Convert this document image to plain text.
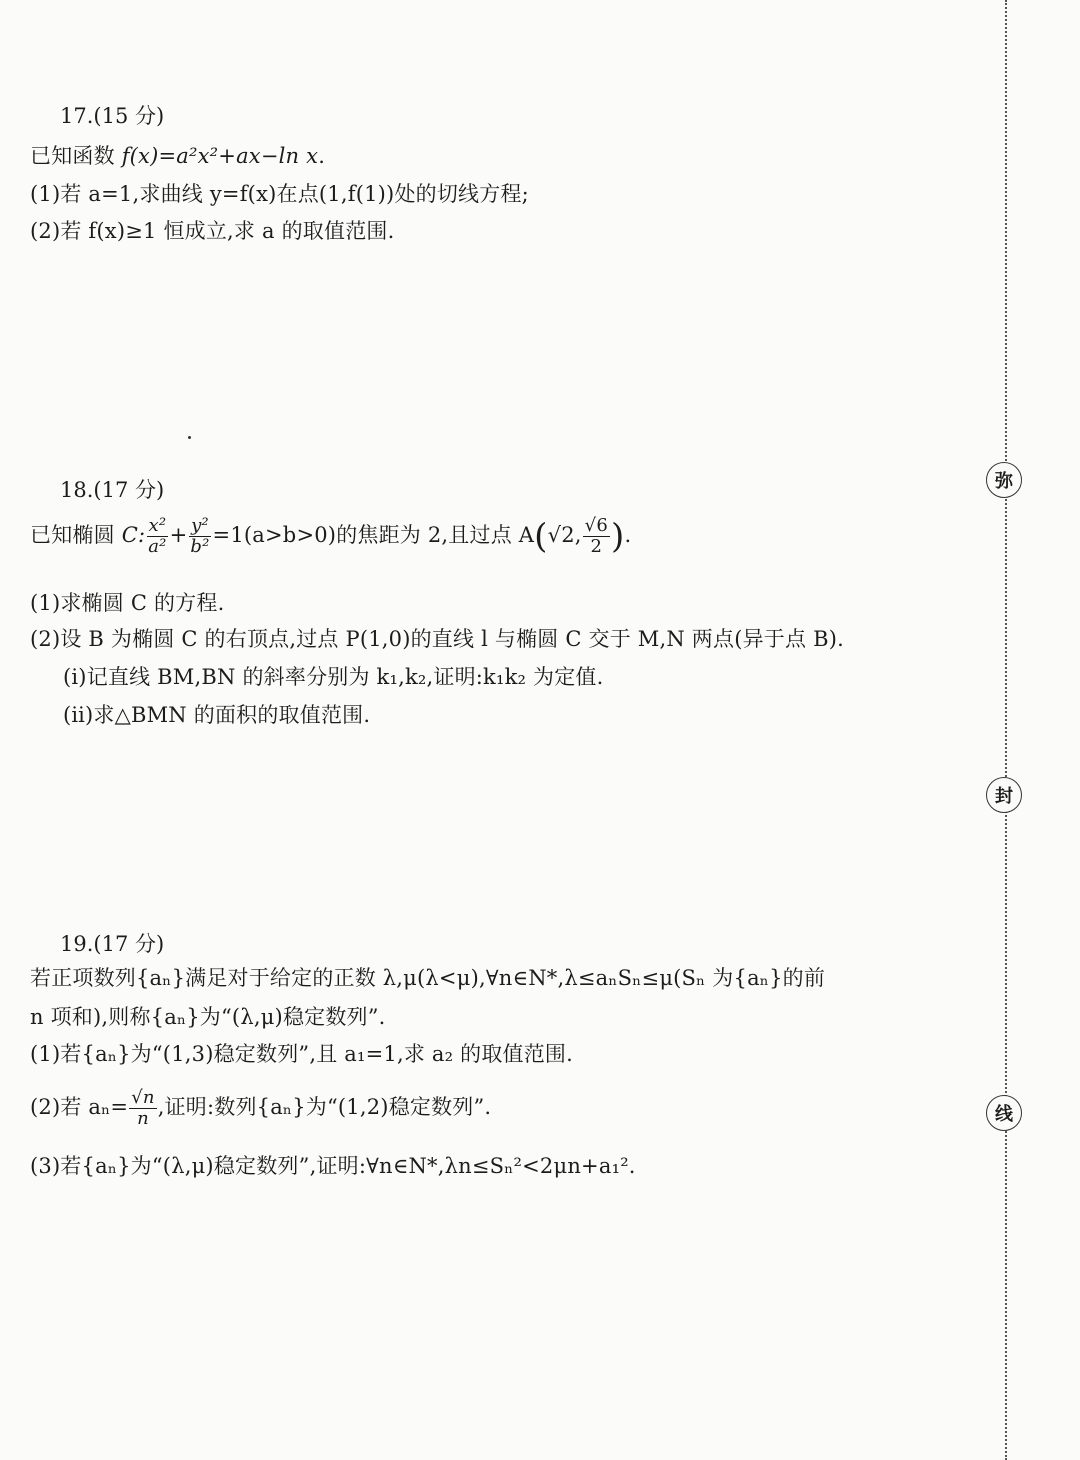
17.(15 分)

已知函数 f(x)=a²x²+ax−ln x.
(1)若 a=1,求曲线 y=f(x)在点(1,f(1))处的切线方程;
(2)若 f(x)≥1 恒成立,求 a 的取值范围.

18.(17 分)

已知椭圆 C: $\frac{\text{x²}}{\text{a²}} + \frac{\text{y²}}{\text{b²}} =1(a>b>0)$的焦距为 2,且过点 A(√2, $\frac{√6}{2}$ ).
(1)求椭圆 C 的方程.
(2)设 B 为椭圆 C 的右顶点,过点 P(1,0)的直线 l 与椭圆 C 交于 M,N 两点(异于点 B).
(ⅰ)记直线 BM,BN 的斜率分别为 k₁,k₂,证明:k₁k₂ 为定值.
(ⅱ)求△BMN 的面积的取值范围.

19.(17 分)

若正项数列{aₙ}满足对于给定的正数 λ,μ(λ<μ),∀n∈N*,λ≤aₙSₙ≤μ(Sₙ 为{aₙ}的前
n 项和),则称{aₙ}为“(λ,μ)稳定数列”.
(1)若{aₙ}为“(1,3)稳定数列”,且 a₁=1,求 a₂ 的取值范围.
(2)若 $a_n= \frac{√n}{n}$ ,证明:数列{aₙ}为“(1,2)稳定数列”.
(3)若{aₙ}为“(λ,μ)稳定数列”,证明:∀n∈N*,λn≤Sₙ²<2μn+a₁².
弥
封
线
